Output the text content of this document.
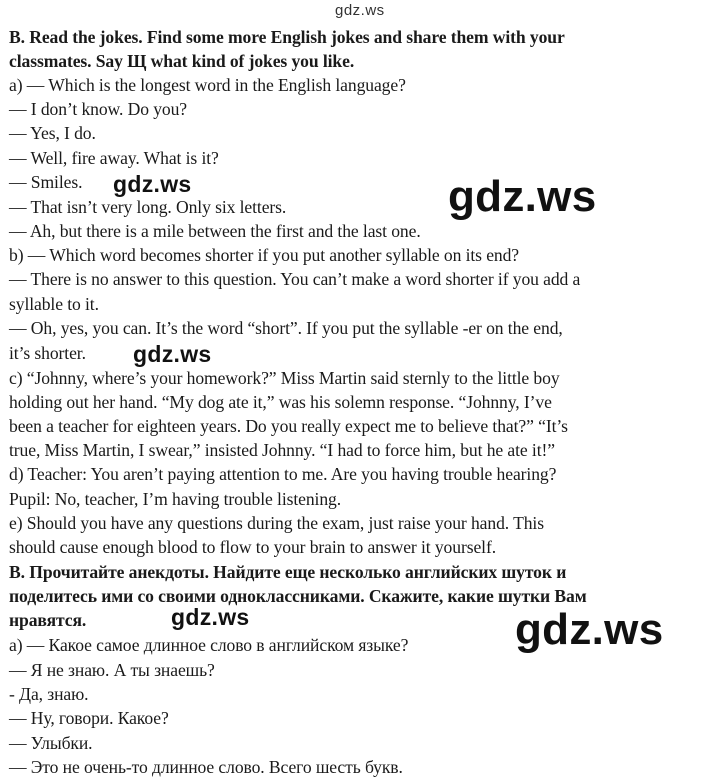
gdz.ws
B. Read the jokes. Find some more English jokes and share them with your
classmates. Say Щ what kind of jokes you like.
a) — Which is the longest word in the English language?
— I don’t know. Do you?
— Yes, I do.
— Well, fire away. What is it?
— Smiles.
— That isn’t very long. Only six letters.
— Ah, but there is a mile between the first and the last one.
b) — Which word becomes shorter if you put another syllable on its end?
— There is no answer to this question. You can’t make a word shorter if you add a
syllable to it.
— Oh, yes, you can. It’s the word “short”. If you put the syllable -er on the end,
it’s shorter.
c) “Johnny, where’s your homework?” Miss Martin said sternly to the little boy
holding out her hand. “My dog ate it,” was his solemn response. “Johnny, I’ve
been a teacher for eighteen years. Do you really expect me to believe that?” “It’s
true, Miss Martin, I swear,” insisted Johnny. “I had to force him, but he ate it!”
d) Teacher: You aren’t paying attention to me. Are you having trouble hearing?
Pupil: No, teacher, I’m having trouble listening.
e) Should you have any questions during the exam, just raise your hand. This
should cause enough blood to flow to your brain to answer it yourself.
В. Прочитайте анекдоты. Найдите еще несколько английских шуток и
поделитесь ими со своими одноклассниками. Скажите, какие шутки Вам
нравятся.
а) — Какое самое длинное слово в английском языке?
— Я не знаю. А ты знаешь?
- Да, знаю.
— Ну, говори. Какое?
— Улыбки.
— Это не очень-то длинное слово. Всего шесть букв.
gdz.ws	gdz.ws
gdz.ws
gdz.ws	gdz.ws
